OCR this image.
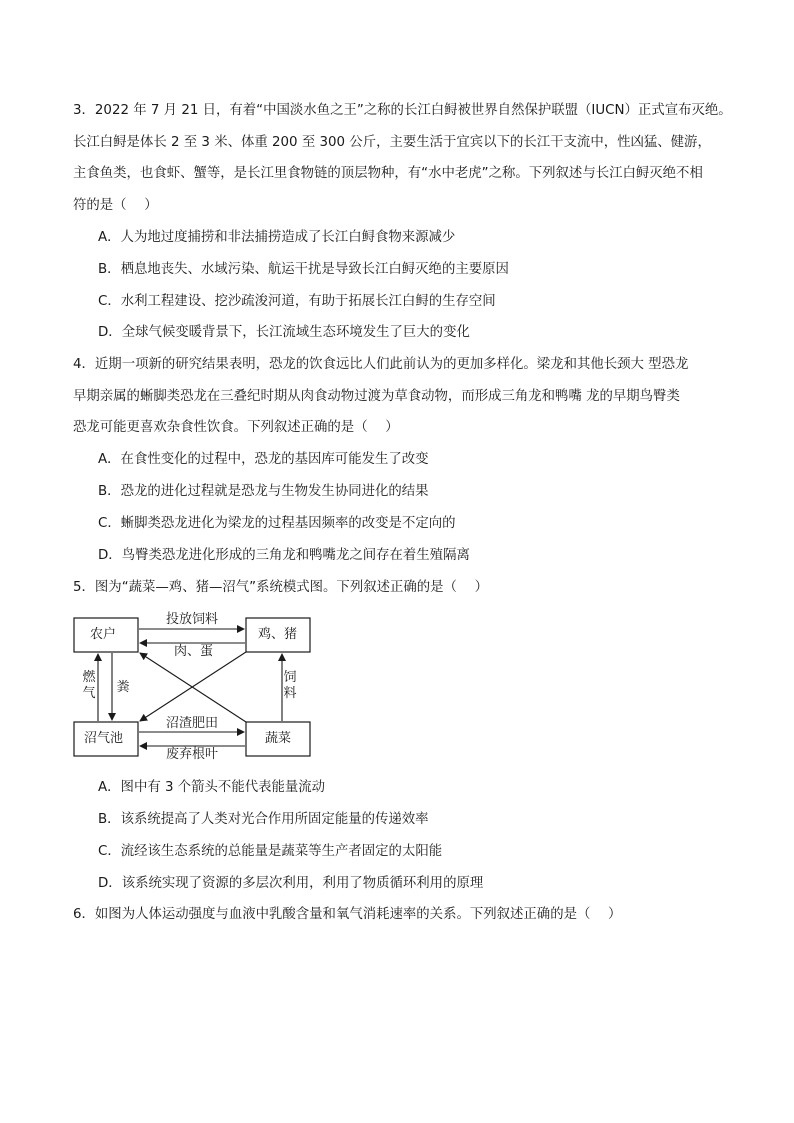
3．2022 年 7 月 21 日，有着“中国淡水鱼之王”之称的长江白鲟被世界自然保护联盟（IUCN）正式宣布灭绝。
长江白鲟是体长 2 至 3 米、体重 200 至 300 公斤，主要生活于宜宾以下的长江干支流中，性凶猛、健游，
主食鱼类，也食虾、蟹等，是长江里食物链的顶层物种，有“水中老虎”之称。下列叙述与长江白鲟灭绝不相
符的是（　 ）
A．人为地过度捕捞和非法捕捞造成了长江白鲟食物来源减少
B．栖息地丧失、水域污染、航运干扰是导致长江白鲟灭绝的主要原因
C．水利工程建设、挖沙疏浚河道，有助于拓展长江白鲟的生存空间
D．全球气候变暖背景下，长江流域生态环境发生了巨大的变化
4．近期一项新的研究结果表明，恐龙的饮食远比人们此前认为的更加多样化。梁龙和其他长颈大 型恐龙
早期亲属的蜥脚类恐龙在三叠纪时期从肉食动物过渡为草食动物，而形成三角龙和鸭嘴 龙的早期鸟臀类
恐龙可能更喜欢杂食性饮食。下列叙述正确的是（　 ）
A．在食性变化的过程中，恐龙的基因库可能发生了改变
B．恐龙的进化过程就是恐龙与生物发生协同进化的结果
C．蜥脚类恐龙进化为梁龙的过程基因频率的改变是不定向的
D．鸟臀类恐龙进化形成的三角龙和鸭嘴龙之间存在着生殖隔离
5．图为“蔬菜—鸡、猪—沼气”系统模式图。下列叙述正确的是（　 ）
农户	鸡、猪
沼气池	蔬菜
投放饲料
肉、蛋
燃气 粪
饲料
沼渣肥田
废弃根叶
A．图中有 3 个箭头不能代表能量流动
B．该系统提高了人类对光合作用所固定能量的传递效率
C．流经该生态系统的总能量是蔬菜等生产者固定的太阳能
D．该系统实现了资源的多层次利用，利用了物质循环利用的原理
6．如图为人体运动强度与血液中乳酸含量和氧气消耗速率的关系。下列叙述正确的是（　 ）
